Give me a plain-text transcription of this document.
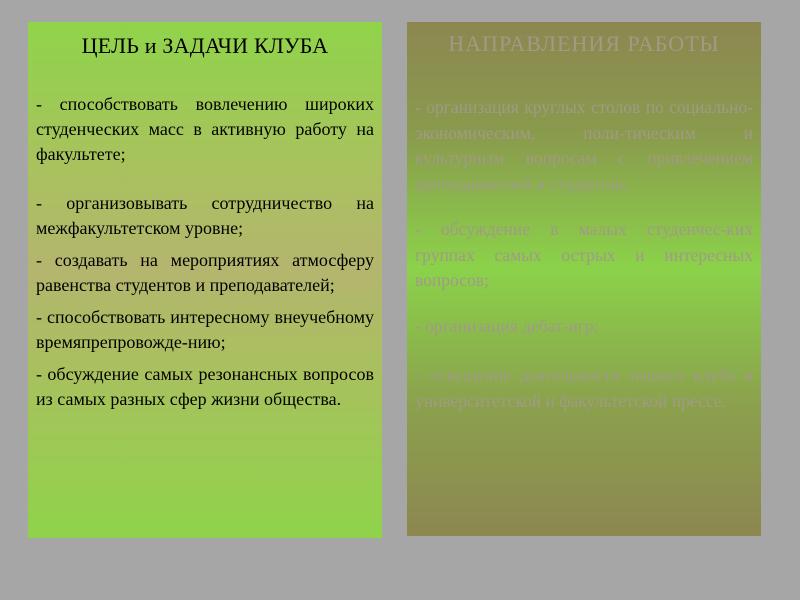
ЦЕЛЬ и ЗАДАЧИ КЛУБА

- способствовать вовлечению широких студенческих масс в активную работу на факультете;

- организовывать сотрудничество на межфакультетском уровне;

- создавать на мероприятиях атмосферу равенства студентов и преподавателей;

- способствовать интересному внеучебному времяпрепровожде-нию;

- обсуждение самых резонансных вопросов из самых разных сфер жизни общества.

НАПРАВЛЕНИЯ РАБОТЫ

- организация круглых столов по социально-экономическим, поли-тическим и культурным вопросам с привлечением преподавателей и студентов;

- обсуждение в малых студенчес-ких группах самых острых и интересных вопросов;

- организация дебат-игр;

- освещение деятельности нашего клуба в университетской и факультетской прессе.
